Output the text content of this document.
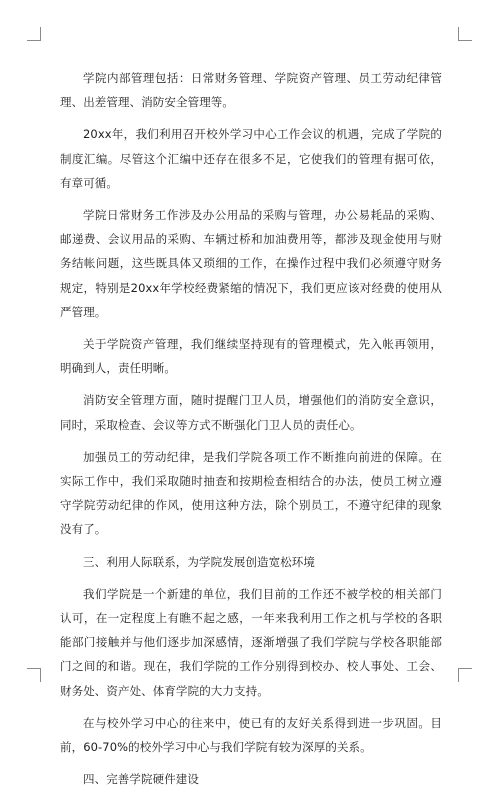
学院内部管理包括：日常财务管理、学院资产管理、员工劳动纪律管理、出差管理、消防安全管理等。

20xx年，我们利用召开校外学习中心工作会议的机遇，完成了学院的制度汇编。尽管这个汇编中还存在很多不足，它使我们的管理有据可依，有章可循。

学院日常财务工作涉及办公用品的采购与管理，办公易耗品的采购、邮递费、会议用品的采购、车辆过桥和加油费用等，都涉及现金使用与财务结帐问题，这些既具体又琐细的工作，在操作过程中我们必须遵守财务规定，特别是20xx年学校经费紧缩的情况下，我们更应该对经费的使用从严管理。

关于学院资产管理，我们继续坚持现有的管理模式，先入帐再领用，明确到人，责任明晰。

消防安全管理方面，随时提醒门卫人员，增强他们的消防安全意识，同时，采取检查、会议等方式不断强化门卫人员的责任心。

加强员工的劳动纪律，是我们学院各项工作不断推向前进的保障。在实际工作中，我们采取随时抽查和按期检查相结合的办法，使员工树立遵守学院劳动纪律的作风，使用这种方法，除个别员工，不遵守纪律的现象没有了。

三、利用人际联系，为学院发展创造宽松环境

我们学院是一个新建的单位，我们目前的工作还不被学校的相关部门认可，在一定程度上有瞧不起之感，一年来我利用工作之机与学校的各职能部门接触并与他们逐步加深感情，逐渐增强了我们学院与学校各职能部门之间的和谐。现在，我们学院的工作分别得到校办、校人事处、工会、财务处、资产处、体育学院的大力支持。

在与校外学习中心的往来中，使已有的友好关系得到进一步巩固。目前，60-70%的校外学习中心与我们学院有较为深厚的关系。

四、完善学院硬件建设
